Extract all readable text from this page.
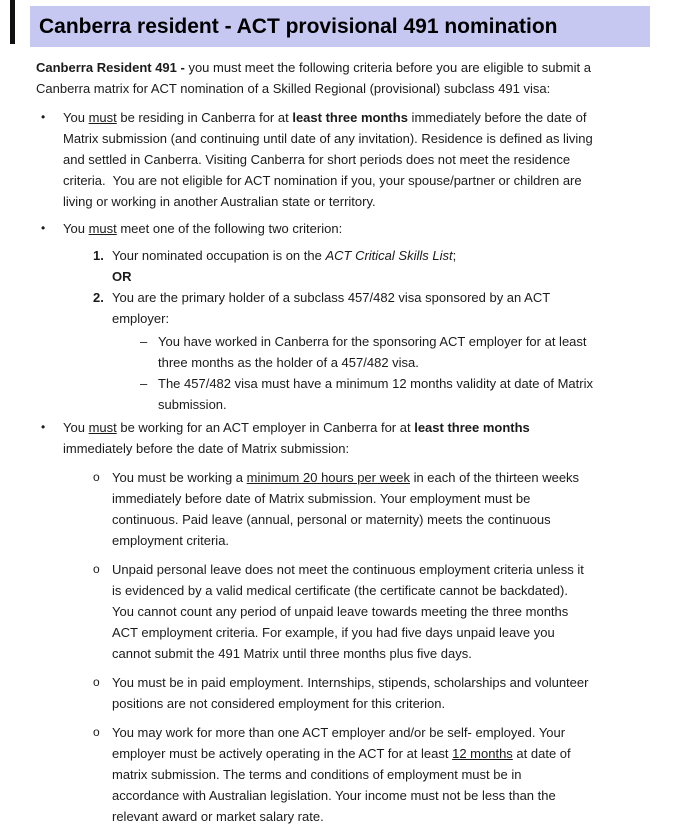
Canberra resident - ACT provisional 491 nomination

Canberra Resident 491 - you must meet the following criteria before you are eligible to submit a
Canberra matrix for ACT nomination of a Skilled Regional (provisional) subclass 491 visa:

•	You must be residing in Canberra for at least three months immediately before the date of
Matrix submission (and continuing until date of any invitation). Residence is defined as living
and settled in Canberra. Visiting Canberra for short periods does not meet the residence
criteria.  You are not eligible for ACT nomination if you, your spouse/partner or children are
living or working in another Australian state or territory.
•	You must meet one of the following two criterion:
1. Your nominated occupation is on the ACT Critical Skills List;
OR
2. You are the primary holder of a subclass 457/482 visa sponsored by an ACT
employer:
– You have worked in Canberra for the sponsoring ACT employer for at least
three months as the holder of a 457/482 visa.
– The 457/482 visa must have a minimum 12 months validity at date of Matrix
submission.
•	You must be working for an ACT employer in Canberra for at least three months
immediately before the date of Matrix submission:
o You must be working a minimum 20 hours per week in each of the thirteen weeks
immediately before date of Matrix submission. Your employment must be
continuous. Paid leave (annual, personal or maternity) meets the continuous
employment criteria.
o Unpaid personal leave does not meet the continuous employment criteria unless it
is evidenced by a valid medical certificate (the certificate cannot be backdated).
You cannot count any period of unpaid leave towards meeting the three months
ACT employment criteria. For example, if you had five days unpaid leave you
cannot submit the 491 Matrix until three months plus five days.
o You must be in paid employment. Internships, stipends, scholarships and volunteer
positions are not considered employment for this criterion.
o You may work for more than one ACT employer and/or be self- employed. Your
employer must be actively operating in the ACT for at least 12 months at date of
matrix submission. The terms and conditions of employment must be in
accordance with Australian legislation. Your income must not be less than the
relevant award or market salary rate.
